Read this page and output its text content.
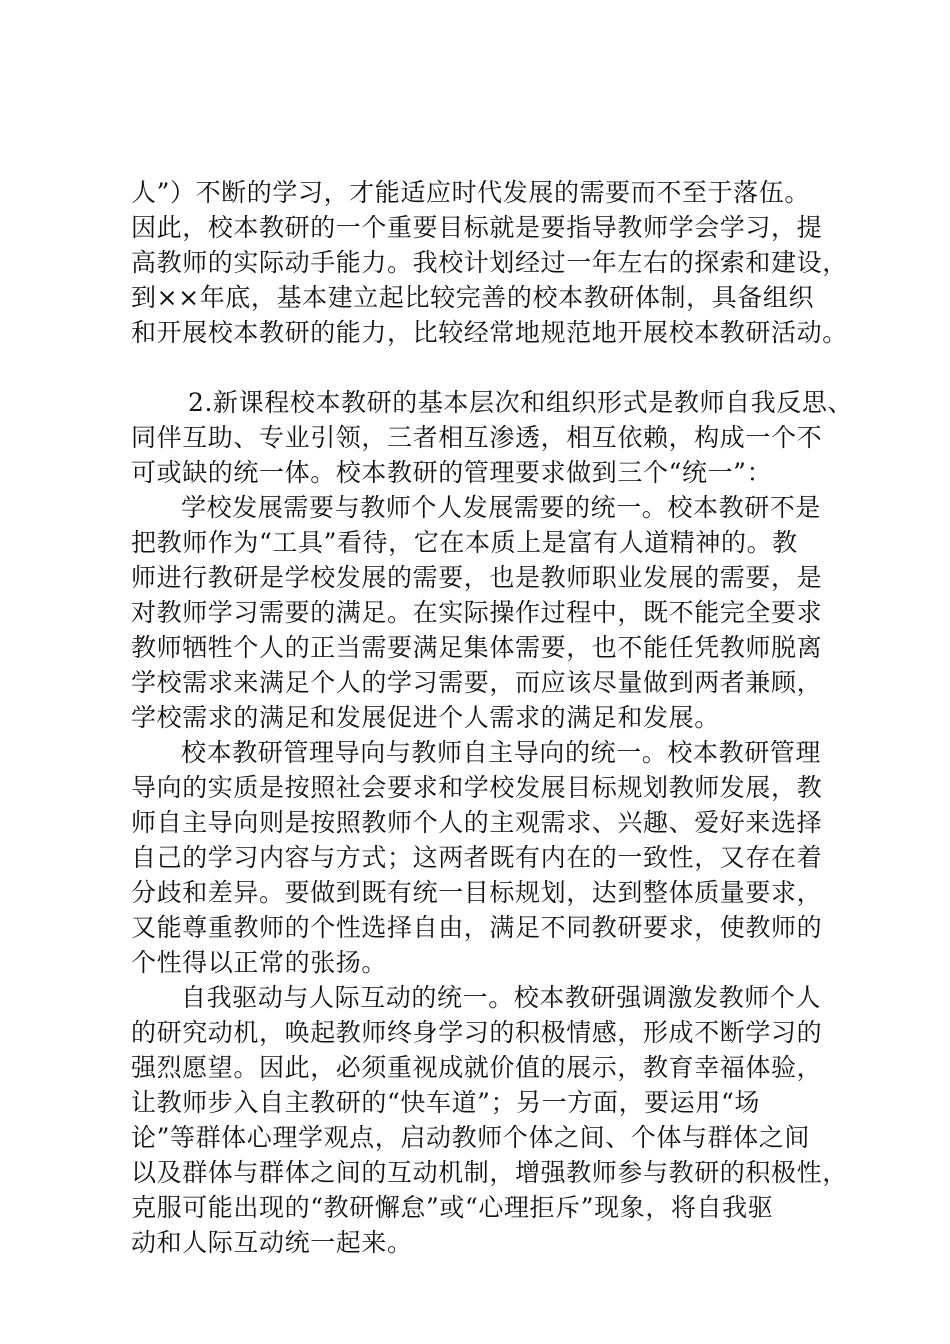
人”）不断的学习，才能适应时代发展的需要而不至于落伍。
因此，校本教研的一个重要目标就是要指导教师学会学习，提
高教师的实际动手能力。我校计划经过一年左右的探索和建设，
到××年底，基本建立起比较完善的校本教研体制，具备组织
和开展校本教研的能力，比较经常地规范地开展校本教研活动。
2.新课程校本教研的基本层次和组织形式是教师自我反思、
同伴互助、专业引领，三者相互渗透，相互依赖，构成一个不
可或缺的统一体。校本教研的管理要求做到三个“统一”：
学校发展需要与教师个人发展需要的统一。校本教研不是
把教师作为“工具”看待，它在本质上是富有人道精神的。教
师进行教研是学校发展的需要，也是教师职业发展的需要，是
对教师学习需要的满足。在实际操作过程中，既不能完全要求
教师牺牲个人的正当需要满足集体需要，也不能任凭教师脱离
学校需求来满足个人的学习需要，而应该尽量做到两者兼顾，
学校需求的满足和发展促进个人需求的满足和发展。
校本教研管理导向与教师自主导向的统一。校本教研管理
导向的实质是按照社会要求和学校发展目标规划教师发展，教
师自主导向则是按照教师个人的主观需求、兴趣、爱好来选择
自己的学习内容与方式；这两者既有内在的一致性，又存在着
分歧和差异。要做到既有统一目标规划，达到整体质量要求，
又能尊重教师的个性选择自由，满足不同教研要求，使教师的
个性得以正常的张扬。
自我驱动与人际互动的统一。校本教研强调激发教师个人
的研究动机，唤起教师终身学习的积极情感，形成不断学习的
强烈愿望。因此，必须重视成就价值的展示，教育幸福体验，
让教师步入自主教研的“快车道”；另一方面，要运用“场
论”等群体心理学观点，启动教师个体之间、个体与群体之间
以及群体与群体之间的互动机制，增强教师参与教研的积极性，
克服可能出现的“教研懈怠”或“心理拒斥”现象，将自我驱
动和人际互动统一起来。
